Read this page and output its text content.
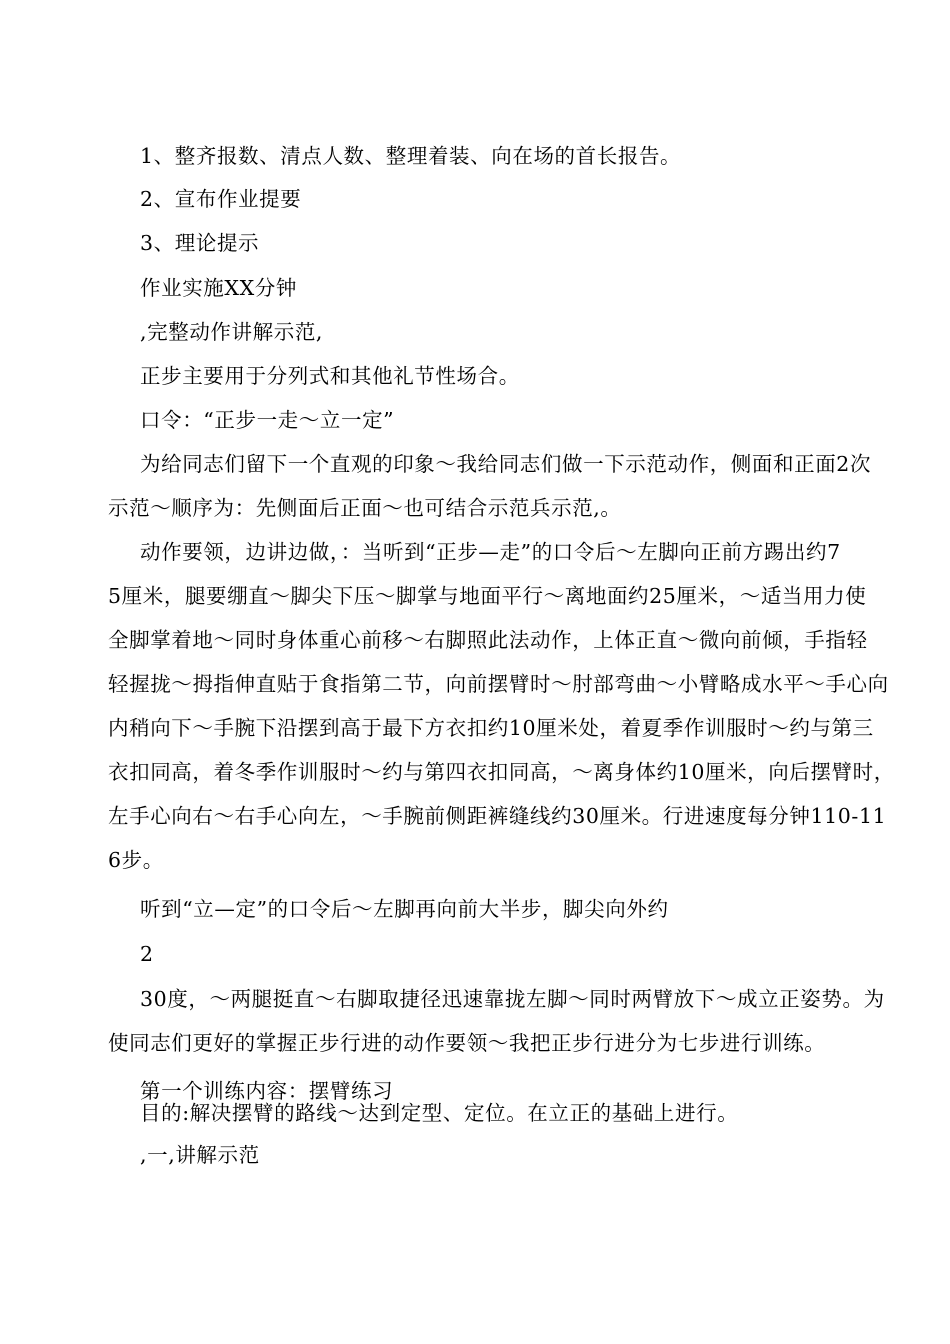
1、整齐报数、清点人数、整理着装、向在场的首长报告。
2、宣布作业提要
3、理论提示
作业实施XX分钟
,完整动作讲解示范,
正步主要用于分列式和其他礼节性场合。
口令：“正步一走〜立一定”
为给同志们留下一个直观的印象〜我给同志们做一下示范动作，侧面和正面2次
示范〜顺序为：先侧面后正面〜也可结合示范兵示范,。
动作要领，边讲边做，：当听到“正步—走”的口令后〜左脚向正前方踢出约7
5厘米，腿要绷直〜脚尖下压〜脚掌与地面平行〜离地面约25厘米，〜适当用力使
全脚掌着地〜同时身体重心前移〜右脚照此法动作，上体正直〜微向前倾，手指轻
轻握拢〜拇指伸直贴于食指第二节，向前摆臂时〜肘部弯曲〜小臂略成水平〜手心向
内稍向下〜手腕下沿摆到高于最下方衣扣约10厘米处，着夏季作训服时〜约与第三
衣扣同高，着冬季作训服时〜约与第四衣扣同高，〜离身体约10厘米，向后摆臂时，
左手心向右〜右手心向左，〜手腕前侧距裤缝线约30厘米。行进速度每分钟110-11
6步。
听到“立—定”的口令后〜左脚再向前大半步，脚尖向外约
2
30度，〜两腿挺直〜右脚取捷径迅速靠拢左脚〜同时两臂放下〜成立正姿势。为
使同志们更好的掌握正步行进的动作要领〜我把正步行进分为七步进行训练。
第一个训练内容：摆臂练习
目的:解决摆臂的路线〜达到定型、定位。在立正的基础上进行。
,一,讲解示范
